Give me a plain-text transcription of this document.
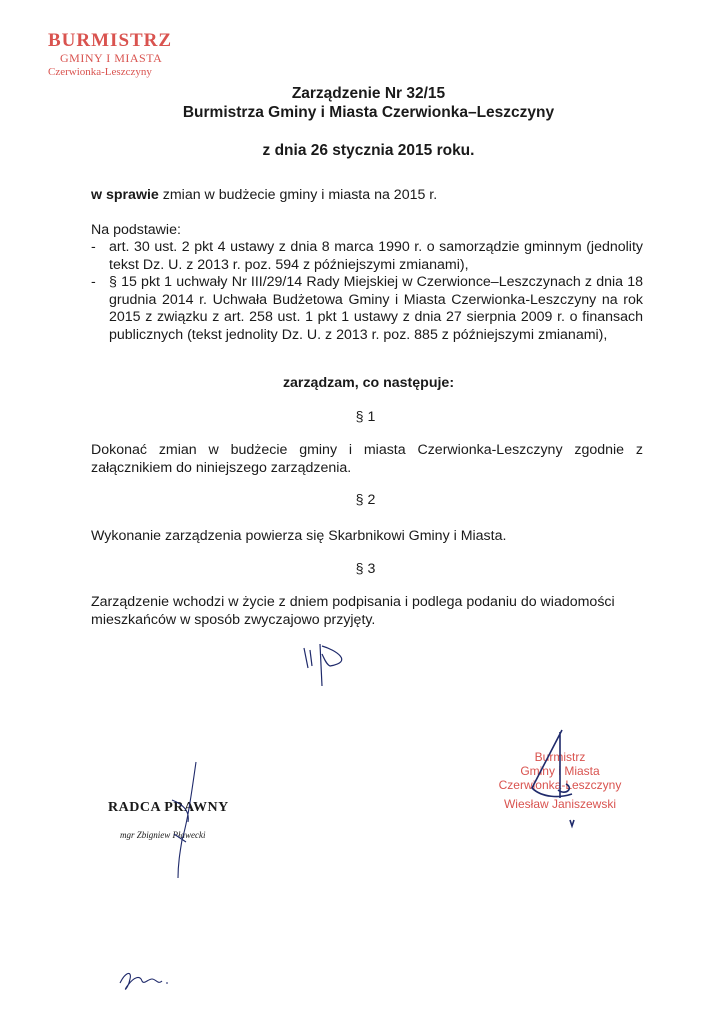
BURMISTRZ
GMINY I MIASTA
Czerwionka-Leszczyny
Zarządzenie Nr 32/15
Burmistrza Gminy i Miasta Czerwionka–Leszczyny
z dnia 26 stycznia 2015 roku.
w sprawie zmian w budżecie gminy i miasta na 2015 r.
Na podstawie:
- art. 30 ust. 2 pkt 4 ustawy z dnia 8 marca 1990 r. o samorządzie gminnym (jednolity tekst Dz. U. z 2013 r. poz. 594 z późniejszymi zmianami),
- § 15 pkt 1 uchwały Nr III/29/14 Rady Miejskiej w Czerwionce–Leszczynach z dnia 18 grudnia 2014 r. Uchwała Budżetowa Gminy i Miasta Czerwionka-Leszczyny na rok 2015 z związku z art. 258 ust. 1 pkt 1 ustawy z dnia 27 sierpnia 2009 r. o finansach publicznych (tekst jednolity Dz. U. z 2013 r. poz. 885 z późniejszymi zmianami),
zarządzam, co następuje:
§ 1
Dokonać zmian w budżecie gminy i miasta Czerwionka-Leszczyny zgodnie z załącznikiem do niniejszego zarządzenia.
§ 2
Wykonanie zarządzenia powierza się Skarbnikowi Gminy i Miasta.
§ 3
Zarządzenie wchodzi w życie z dniem podpisania i podlega podaniu do wiadomości mieszkańców w sposób zwyczajowo przyjęty.
Burmistrz
Gminy i Miasta
Czerwionka-Leszczyny
Wiesław Janiszewski
RADCA PRAWNY
mgr Zbigniew Pławecki
